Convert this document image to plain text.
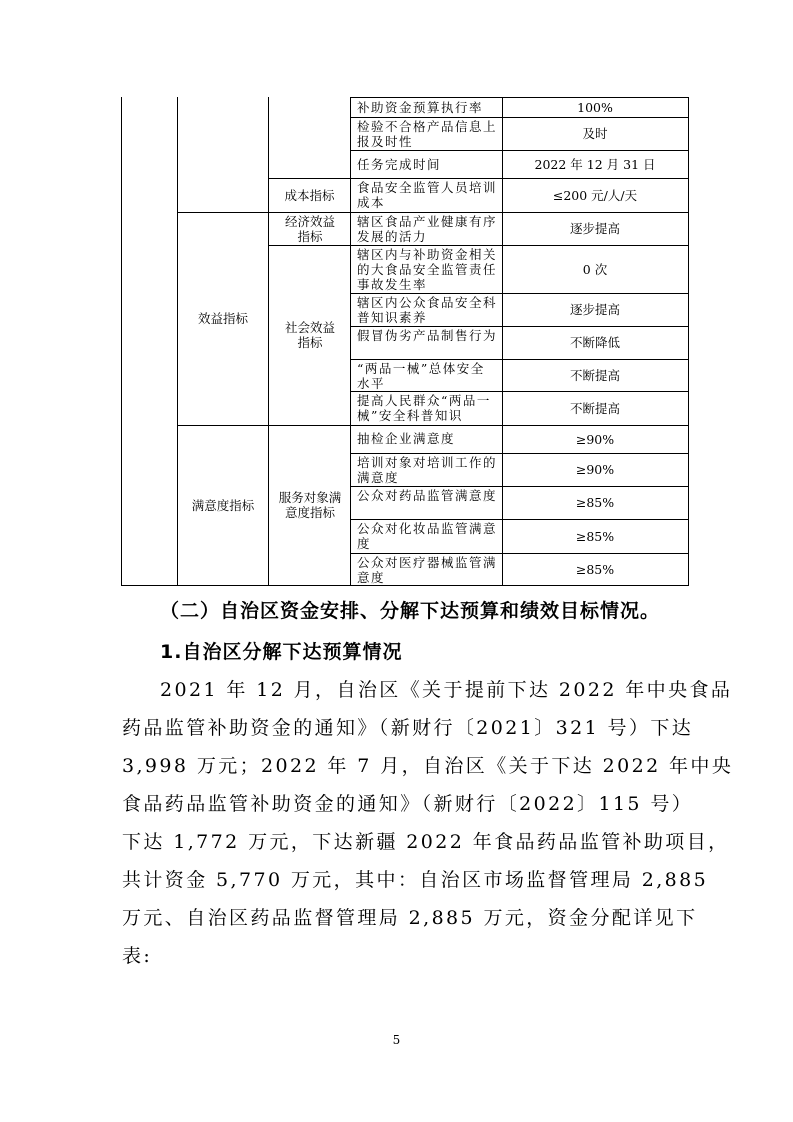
成本指标
经济效益指标
社会效益指标
服务对象满意度指标
效益指标
满意度指标
补助资金预算执行率
检验不合格产品信息上报及时性
任务完成时间
食品安全监管人员培训成本
辖区食品产业健康有序发展的活力
辖区内与补助资金相关的大食品安全监管责任事故发生率
辖区内公众食品安全科普知识素养
假冒伪劣产品制售行为
“两品一械”总体安全水平
提高人民群众“两品一械”安全科普知识
抽检企业满意度
培训对象对培训工作的满意度
公众对药品监管满意度
公众对化妆品监管满意度
公众对医疗器械监管满意度
100%
及时
2022 年 12 月 31 日
≤200 元/人/天
逐步提高
0 次
逐步提高
不断降低
不断提高
不断提高
≥90%
≥90%
≥85%
≥85%
≥85%
（二）自治区资金安排、分解下达预算和绩效目标情况。
1.自治区分解下达预算情况
2021 年 12 月，自治区《关于提前下达 2022 年中央食品
药品监管补助资金的通知》（新财行〔2021〕321 号）下达
3,998 万元；2022 年 7 月，自治区《关于下达 2022 年中央
食品药品监管补助资金的通知》（新财行〔2022〕115 号）
下达 1,772 万元，下达新疆 2022 年食品药品监管补助项目，
共计资金 5,770 万元，其中：自治区市场监督管理局 2,885
万元、自治区药品监督管理局 2,885 万元，资金分配详见下
表:
5
